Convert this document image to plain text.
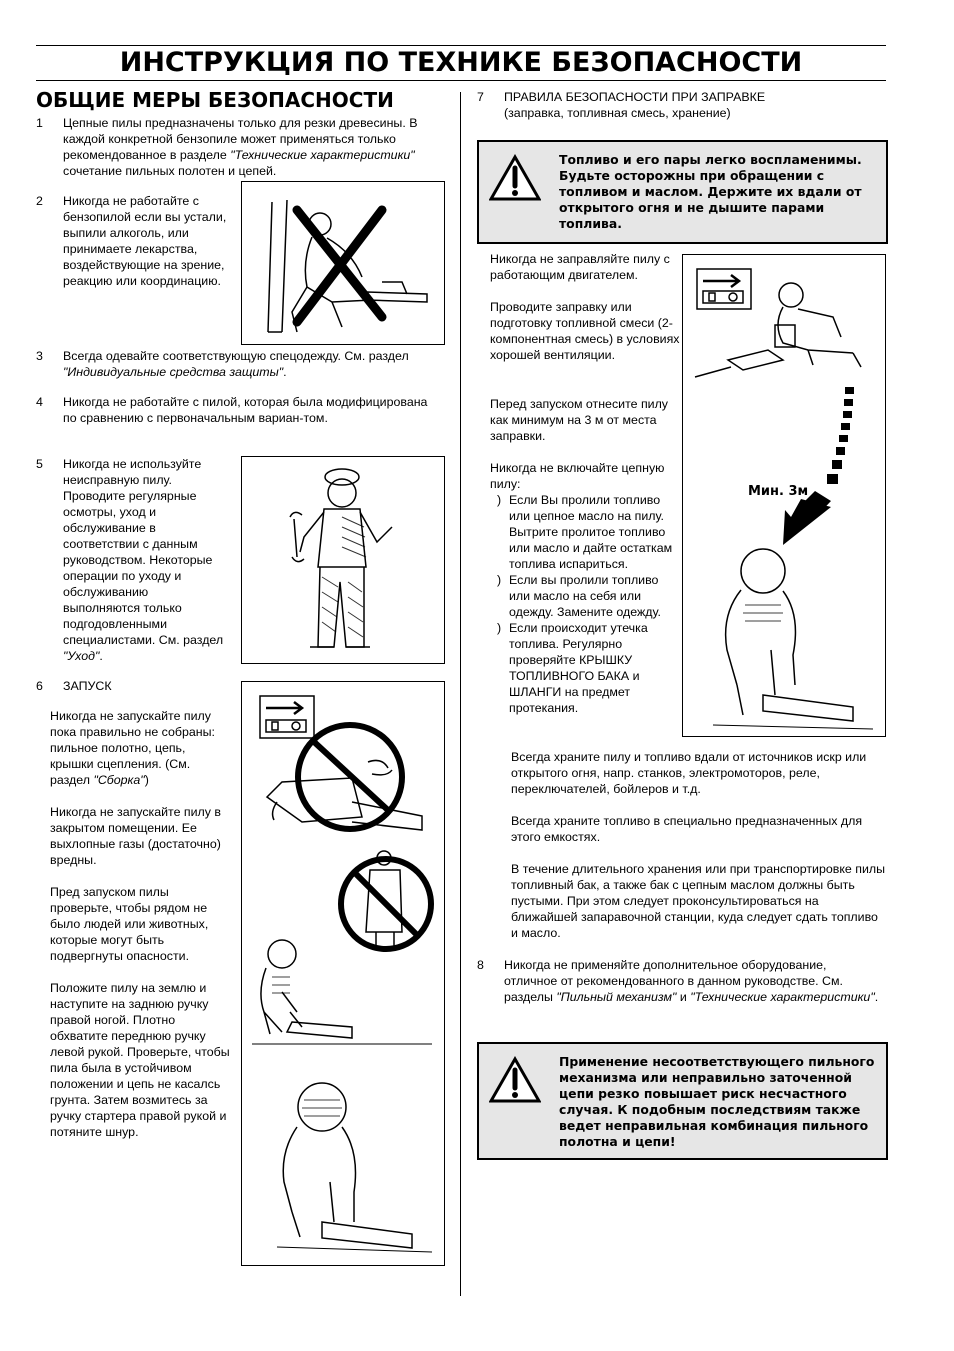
ИНСТРУКЦИЯ ПО ТЕХНИКЕ БЕЗОПАСНОСТИ
ОБЩИЕ МЕРЫ БЕЗОПАСНОСТИ
1 Цепные пилы предназначены только для резки древесины. В каждой конкретной бензопиле может применяться только рекомендованное в разделе "Технические характеристики" сочетание пильных полотен и цепей.
2 Никогда не работайте с бензопилой если вы устали, выпили алкоголь, или принимаете лекарства, воздействующие на зрение, реакцию или координацию.
3 Всегда одевайте соответствующую спецодежду. См. раздел "Индивидуальные средства защиты".
4 Никогда не работайте с пилой, которая была модифицирована по сравнению с первоначальным вариан-том.
5 Никогда не используйте неисправную пилу. Проводите регулярные осмотры, уход и обслуживание в соответствии с данным руководством. Некоторые операции по уходу и обслуживанию выполняются только подгодовленными специалистами. См. раздел "Уход".
6 ЗАПУСК
Никогда не запускайте пилу пока правильно не собраны: пильное полотно, цепь, крышки сцепления. (См. раздел "Сборка")
Никогда не запускайте пилу в закрытом помещении. Ее выхлопные газы (достаточно) вредны.
Пред запуском пилы проверьте, чтобы рядом не было людей или животных, которые могут быть подвергнуты опасности.
Положите пилу на землю и наступите на заднюю ручку правой ногой. Плотно обхватите переднюю ручку левой рукой. Проверьте, чтобы пила была в устойчивом положении и цепь не касалсь грунта. Затем возмитесь за ручку стартера правой рукой и потяните шнур.
7 ПРАВИЛА БЕЗОПАСНОСТИ ПРИ ЗАПРАВКЕ
(заправка, топливная смесь, хранение)
Топливо и его пары легко воспламенимы. Будьте осторожны при обращении с топливом и маслом. Держите их вдали от открытого огня и не дышите парами топлива.
Никогда не заправляйте пилу с работающим двигателем.
Проводите заправку или подготовку топливной смеси (2-компонентная смесь) в условиях хорошей вентиляции.
Перед запуском отнесите пилу как минимум на 3 м от места заправки.
Никогда не включайте цепную пилу:
) Если Вы пролили топливо или цепное масло на пилу. Вытрите пролитое топливо или масло и дайте остаткам топлива испариться.
) Если вы пролили топливо или масло на себя или одежду. Замените одежду.
) Если происходит утечка топлива. Регулярно проверяйте КРЫШКУ ТОПЛИВНОГО БАКА и ШЛАНГИ на предмет протекания.
Мин. 3м
Всегда храните пилу и топливо вдали от источников искр или открытого огня, напр. станков, электромоторов, реле, переключателей, бойлеров и т.д.
Всегда храните топливо в специально предназначенных для этого емкостях.
В течение длительного хранения или при транспортировке пилы топливный бак, а также бак с цепным маслом должны быть пустыми. При этом следует проконсультироваться на ближайшей запаравочной станции, куда следует сдать топливо и масло.
8 Никогда не применяйте дополнительное оборудование, отличное от рекомендованного в данном руководстве. См. разделы "Пильный механизм" и "Технические характеристики".
Применение несоответствующего пильного механизма или неправильно заточенной цепи резко повышает риск несчастного случая. К подобным последствиям также ведет неправильная комбинация пильного полотна и цепи!
